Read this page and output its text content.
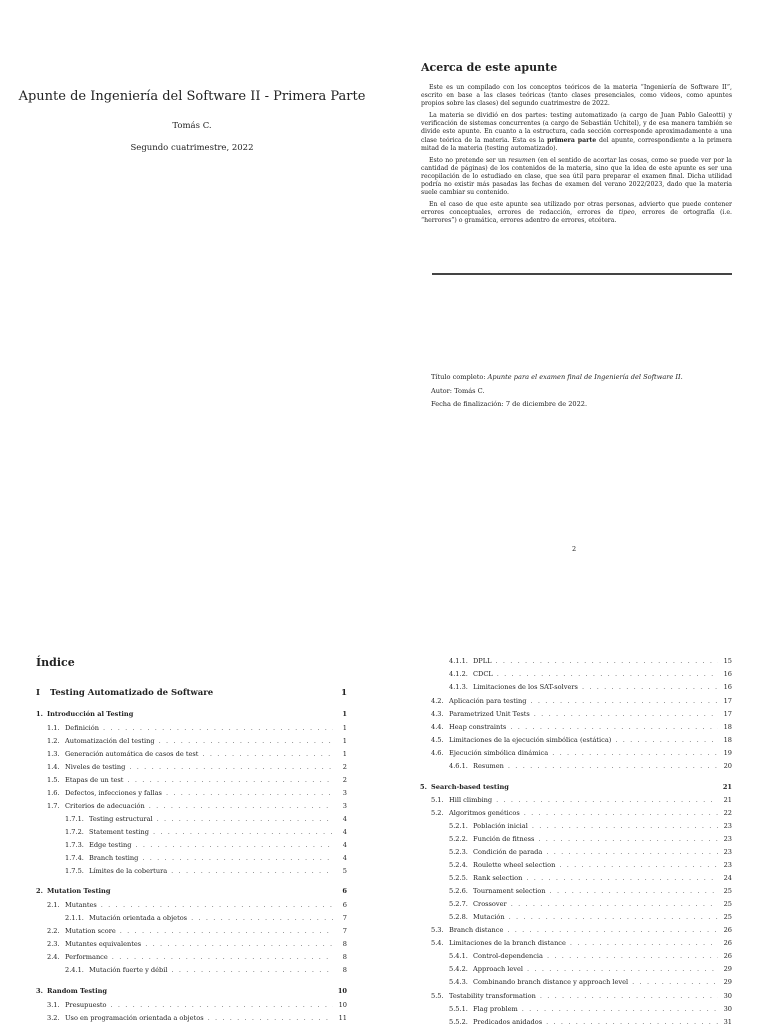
Apunte de Ingeniería del Software II - Primera Parte
Tomás C.
Segundo cuatrimestre, 2022
Acerca de este apunte

Este es un compilado con los conceptos teóricos de la materia “Ingeniería de Software II”, escrito en base a las clases teóricas (tanto clases presenciales, como videos, como apuntes propios sobre las clases) del segundo cuatrimestre de 2022.

La materia se dividió en dos partes: testing automatizado (a cargo de Juan Pablo Galeotti) y verificación de sistemas concurrentes (a cargo de Sebastián Uchitel), y de esa manera también se divide este apunte. En cuanto a la estructura, cada sección corresponde aproximadamente a una clase teórica de la materia. Esta es la primera parte del apunte, correspondiente a la primera mitad de la materia (testing automatizado).

Esto no pretende ser un resumen (en el sentido de acortar las cosas, como se puede ver por la cantidad de páginas) de los contenidos de la materia, sino que la idea de este apunte es ser una recopilación de lo estudiado en clase, que sea útil para preparar el examen final. Dicha utilidad podría no existir más pasadas las fechas de examen del verano 2022/2023, dado que la materia suele cambiar su contenido.

En el caso de que este apunte sea utilizado por otras personas, advierto que puede contener errores conceptuales, errores de redacción, errores de tipeo, errores de ortografía (i.e. “herrores”) o gramática, errores adentro de errores, etcétera.

Título completo: Apunte para el examen final de Ingeniería del Software II.
Autor: Tomás C.
Fecha de finalización: 7 de diciembre de 2022.
2
Índice
I	Testing Automatizado de Software	1
1. Introducción al Testing	1
1.1. Definición . . .	1
1.2. Automatización del testing . . .	1
1.3. Generación automática de casos de test . . .	1
1.4. Niveles de testing . . .	2
1.5. Etapas de un test . . .	2
1.6. Defectos, infecciones y fallas . . .	3
1.7. Criterios de adecuación . . .	3
1.7.1. Testing estructural . . .	4
1.7.2. Statement testing . . .	4
1.7.3. Edge testing . . .	4
1.7.4. Branch testing . . .	4
1.7.5. Límites de la cobertura . . .	5
2. Mutation Testing	6
2.1. Mutantes . . .	6
2.1.1. Mutación orientada a objetos . . .	7
2.2. Mutation score . . .	7
2.3. Mutantes equivalentes . . .	8
2.4. Performance . . .	8
2.4.1. Mutación fuerte y débil . . .	8
3. Random Testing	10
3.1. Presupuesto . . .	10
3.2. Uso en programación orientada a objetos . . .	11
4.1.1. DPLL . . .	15
4.1.2. CDCL . . .	16
4.1.3. Limitaciones de los SAT-solvers . . .	16
4.2. Aplicación para testing . . .	17
4.3. Parametrized Unit Tests . . .	17
4.4. Heap constraints . . .	18
4.5. Limitaciones de la ejecución simbólica (estática) . . .	18
4.6. Ejecución simbólica dinámica . . .	19
4.6.1. Resumen . . .	20
5. Search-based testing	21
5.1. Hill climbing . . .	21
5.2. Algoritmos genéticos . . .	22
5.2.1. Población inicial . . .	23
5.2.2. Función de fitness . . .	23
5.2.3. Condición de parada . . .	23
5.2.4. Roulette wheel selection . . .	23
5.2.5. Rank selection . . .	24
5.2.6. Tournament selection . . .	25
5.2.7. Crossover . . .	25
5.2.8. Mutación . . .	25
5.3. Branch distance . . .	26
5.4. Limitaciones de la branch distance . . .	26
5.4.1. Control-dependencia . . .	26
5.4.2. Approach level . . .	29
5.4.3. Combinando branch distance y approach level . . .	29
5.5. Testability transformation . . .	30
5.5.1. Flag problem . . .	30
5.5.2. Predicados anidados . . .	31
